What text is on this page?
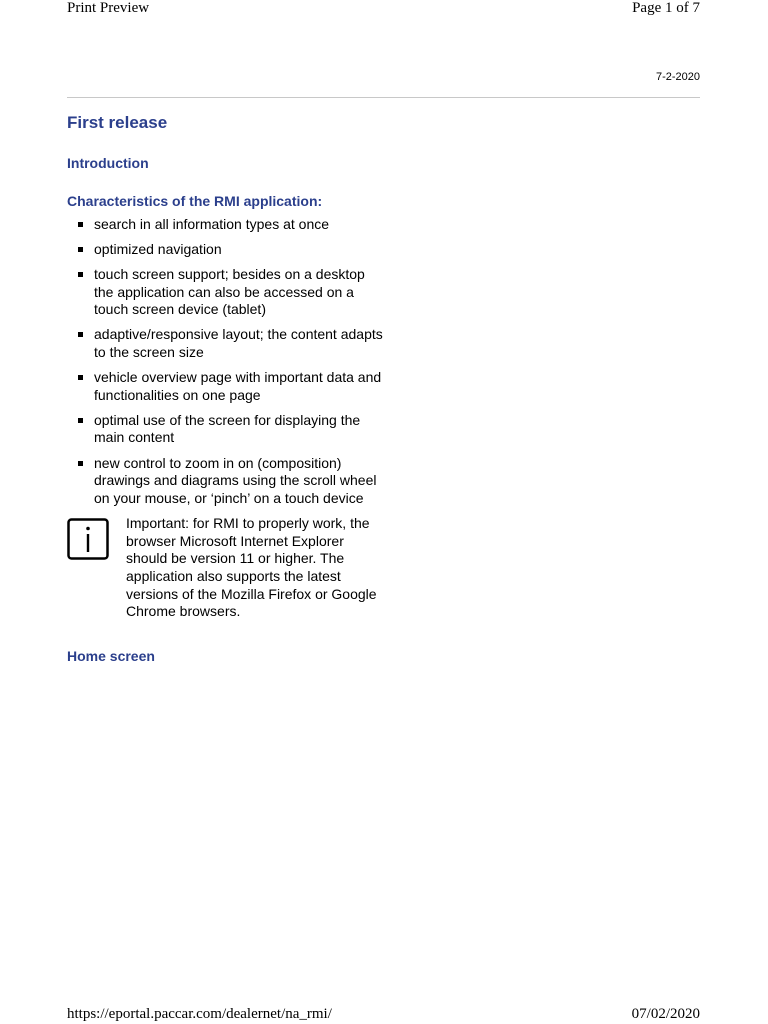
Print Preview	Page 1 of 7
7-2-2020
First release
Introduction
Characteristics of the RMI application:
search in all information types at once
optimized navigation
touch screen support; besides on a desktop the application can also be accessed on a touch screen device (tablet)
adaptive/responsive layout; the content adapts to the screen size
vehicle overview page with important data and functionalities on one page
optimal use of the screen for displaying the main content
new control to zoom in on (composition) drawings and diagrams using the scroll wheel on your mouse, or ‘pinch’ on a touch device
Important: for RMI to properly work, the browser Microsoft Internet Explorer should be version 11 or higher. The application also supports the latest versions of the Mozilla Firefox or Google Chrome browsers.
Home screen
https://eportal.paccar.com/dealernet/na_rmi/	07/02/2020
